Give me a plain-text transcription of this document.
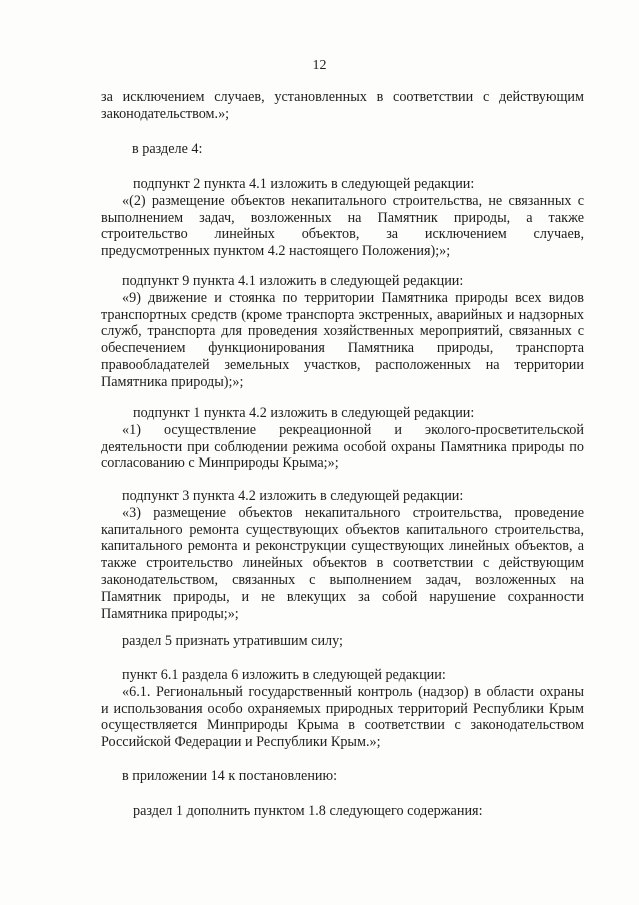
12
за исключением случаев, установленных в соответствии с действующим
законодательством.»;
в разделе 4:
подпункт 2 пункта 4.1 изложить в следующей редакции:
«(2) размещение объектов некапитального строительства, не связанных с
выполнением задач, возложенных на Памятник природы, а также
строительство линейных объектов, за исключением случаев,
предусмотренных пунктом 4.2 настоящего Положения);»;
подпункт 9 пункта 4.1 изложить в следующей редакции:
«9) движение и стоянка по территории Памятника природы всех видов
транспортных средств (кроме транспорта экстренных, аварийных и надзорных
служб, транспорта для проведения хозяйственных мероприятий, связанных с
обеспечением функционирования Памятника природы, транспорта
правообладателей земельных участков, расположенных на территории
Памятника природы);»;
подпункт 1 пункта 4.2 изложить в следующей редакции:
«1) осуществление рекреационной и эколого-просветительской
деятельности при соблюдении режима особой охраны Памятника природы по
согласованию с Минприроды Крыма;»;
подпункт 3 пункта 4.2 изложить в следующей редакции:
«3) размещение объектов некапитального строительства, проведение
капитального ремонта существующих объектов капитального строительства,
капитального ремонта и реконструкции существующих линейных объектов, а
также строительство линейных объектов в соответствии с действующим
законодательством, связанных с выполнением задач, возложенных на
Памятник природы, и не влекущих за собой нарушение сохранности
Памятника природы;»;
раздел 5 признать утратившим силу;
пункт 6.1 раздела 6 изложить в следующей редакции:
«6.1. Региональный государственный контроль (надзор) в области охраны
и использования особо охраняемых природных территорий Республики Крым
осуществляется Минприроды Крыма в соответствии с законодательством
Российской Федерации и Республики Крым.»;
в приложении 14 к постановлению:
раздел 1 дополнить пунктом 1.8 следующего содержания:
